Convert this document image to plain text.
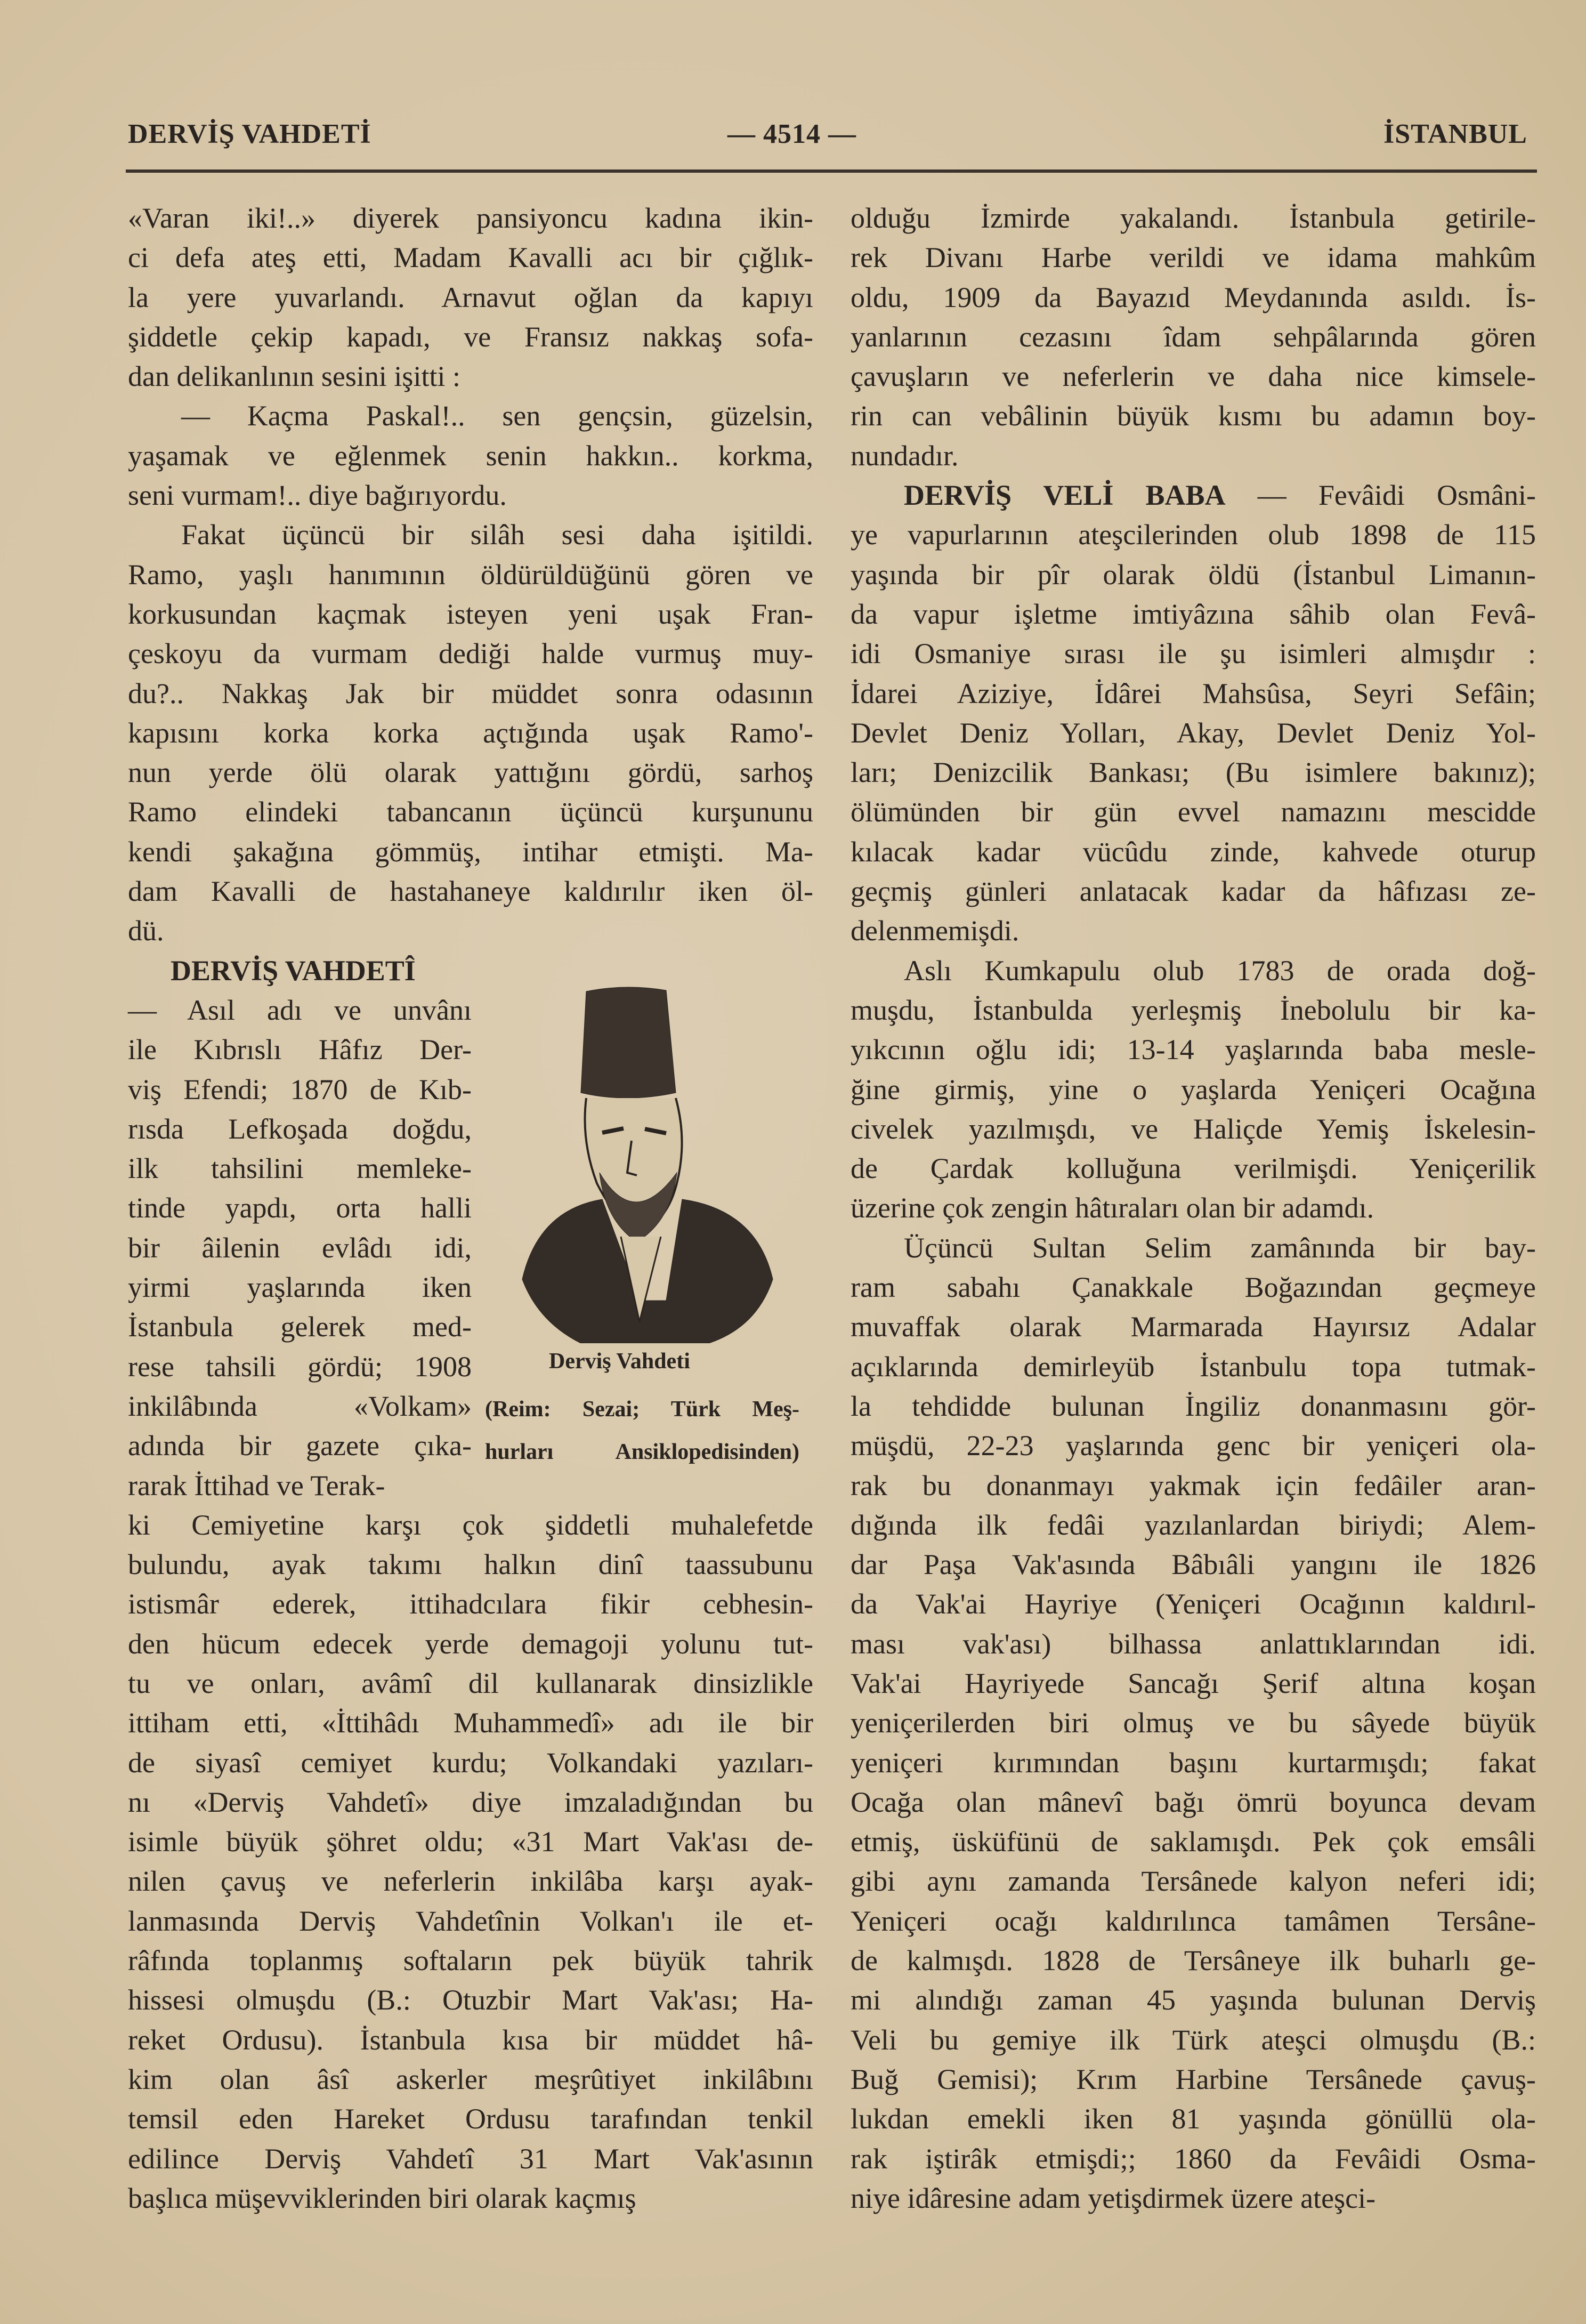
DERVİŞ VAHDETİ	— 4514 —	İSTANBUL
«Varan iki!..» diyerek pansiyoncu kadına ikin-
ci defa ateş etti, Madam Kavalli acı bir çığlık-
la yere yuvarlandı. Arnavut oğlan da kapıyı
şiddetle çekip kapadı, ve Fransız nakkaş sofa-
dan delikanlının sesini işitti :
— Kaçma Paskal!.. sen gençsin, güzelsin,
yaşamak ve eğlenmek senin hakkın.. korkma,
seni vurmam!.. diye bağırıyordu.
Fakat üçüncü bir silâh sesi daha işitildi.
Ramo, yaşlı hanımının öldürüldüğünü gören ve
korkusundan kaçmak isteyen yeni uşak Fran-
çeskoyu da vurmam dediği halde vurmuş muy-
du?.. Nakkaş Jak bir müddet sonra odasının
kapısını korka korka açtığında uşak Ramo'-
nun yerde ölü olarak yattığını gördü, sarhoş
Ramo elindeki tabancanın üçüncü kurşununu
kendi şakağına gömmüş, intihar etmişti. Ma-
dam Kavalli de hastahaneye kaldırılır iken öl-
dü.
DERVİŞ VAHDETÎ
— Asıl adı ve unvânı
ile Kıbrıslı Hâfız Der-
viş Efendi; 1870 de Kıb-
rısda Lefkoşada doğdu,
ilk tahsilini memleke-
tinde yapdı, orta halli
bir âilenin evlâdı idi,
yirmi yaşlarında iken
İstanbula gelerek med-
rese tahsili gördü; 1908
inkilâbında «Volkam»
adında bir gazete çıka-
rarak İttihad ve Terak-
ki Cemiyetine karşı çok şiddetli muhalefetde
bulundu, ayak takımı halkın dinî taassubunu
istismâr ederek, ittihadcılara fikir cebhesin-
den hücum edecek yerde demagoji yolunu tut-
tu ve onları, avâmî dil kullanarak dinsizlikle
ittiham etti, «İttihâdı Muhammedî» adı ile bir
de siyasî cemiyet kurdu; Volkandaki yazıları-
nı «Derviş Vahdetî» diye imzaladığından bu
isimle büyük şöhret oldu; «31 Mart Vak'ası de-
nilen çavuş ve neferlerin inkilâba karşı ayak-
lanmasında Derviş Vahdetînin Volkan'ı ile et-
râfında toplanmış softaların pek büyük tahrik
hissesi olmuşdu (B.: Otuzbir Mart Vak'ası; Ha-
reket Ordusu). İstanbula kısa bir müddet hâ-
kim olan âsî askerler meşrûtiyet inkilâbını
temsil eden Hareket Ordusu tarafından tenkil
edilince Derviş Vahdetî 31 Mart Vak'asının
başlıca müşevviklerinden biri olarak kaçmış
olduğu İzmirde yakalandı. İstanbula getirile-
rek Divanı Harbe verildi ve idama mahkûm
oldu, 1909 da Bayazıd Meydanında asıldı. İs-
yanlarının cezasını îdam sehpâlarında gören
çavuşların ve neferlerin ve daha nice kimsele-
rin can vebâlinin büyük kısmı bu adamın boy-
nundadır.
DERVİŞ VELİ BABA — Fevâidi Osmâni-
ye vapurlarının ateşcilerinden olub 1898 de 115
yaşında bir pîr olarak öldü (İstanbul Limanın-
da vapur işletme imtiyâzına sâhib olan Fevâ-
idi Osmaniye sırası ile şu isimleri almışdır :
İdarei Aziziye, İdârei Mahsûsa, Seyri Sefâin;
Devlet Deniz Yolları, Akay, Devlet Deniz Yol-
ları; Denizcilik Bankası; (Bu isimlere bakınız);
ölümünden bir gün evvel namazını mescidde
kılacak kadar vücûdu zinde, kahvede oturup
geçmiş günleri anlatacak kadar da hâfızası ze-
delenmemişdi.
Aslı Kumkapulu olub 1783 de orada doğ-
muşdu, İstanbulda yerleşmiş İnebolulu bir ka-
yıkcının oğlu idi; 13-14 yaşlarında baba mesle-
ğine girmiş, yine o yaşlarda Yeniçeri Ocağına
civelek yazılmışdı, ve Haliçde Yemiş İskelesin-
de Çardak kolluğuna verilmişdi. Yeniçerilik
üzerine çok zengin hâtıraları olan bir adamdı.
Üçüncü Sultan Selim zamânında bir bay-
ram sabahı Çanakkale Boğazından geçmeye
muvaffak olarak Marmarada Hayırsız Adalar
açıklarında demirleyüb İstanbulu topa tutmak-
la tehdidde bulunan İngiliz donanmasını gör-
müşdü, 22-23 yaşlarında genc bir yeniçeri ola-
rak bu donanmayı yakmak için fedâiler aran-
dığında ilk fedâi yazılanlardan biriydi; Alem-
dar Paşa Vak'asında Bâbıâli yangını ile 1826
da Vak'ai Hayriye (Yeniçeri Ocağının kaldırıl-
ması vak'ası) bilhassa anlattıklarından idi.
Vak'ai Hayriyede Sancağı Şerif altına koşan
yeniçerilerden biri olmuş ve bu sâyede büyük
yeniçeri kırımından başını kurtarmışdı; fakat
Ocağa olan mânevî bağı ömrü boyunca devam
etmiş, üsküfünü de saklamışdı. Pek çok emsâli
gibi aynı zamanda Tersânede kalyon neferi idi;
Yeniçeri ocağı kaldırılınca tamâmen Tersâne-
de kalmışdı. 1828 de Tersâneye ilk buharlı ge-
mi alındığı zaman 45 yaşında bulunan Derviş
Veli bu gemiye ilk Türk ateşci olmuşdu (B.:
Buğ Gemisi); Krım Harbine Tersânede çavuş-
lukdan emekli iken 81 yaşında gönüllü ola-
rak iştirâk etmişdi;; 1860 da Fevâidi Osma-
niye idâresine adam yetişdirmek üzere ateşci-
Derviş Vahdeti
(Reim: Sezai; Türk Meş-
hurları Ansiklopedisinden)
